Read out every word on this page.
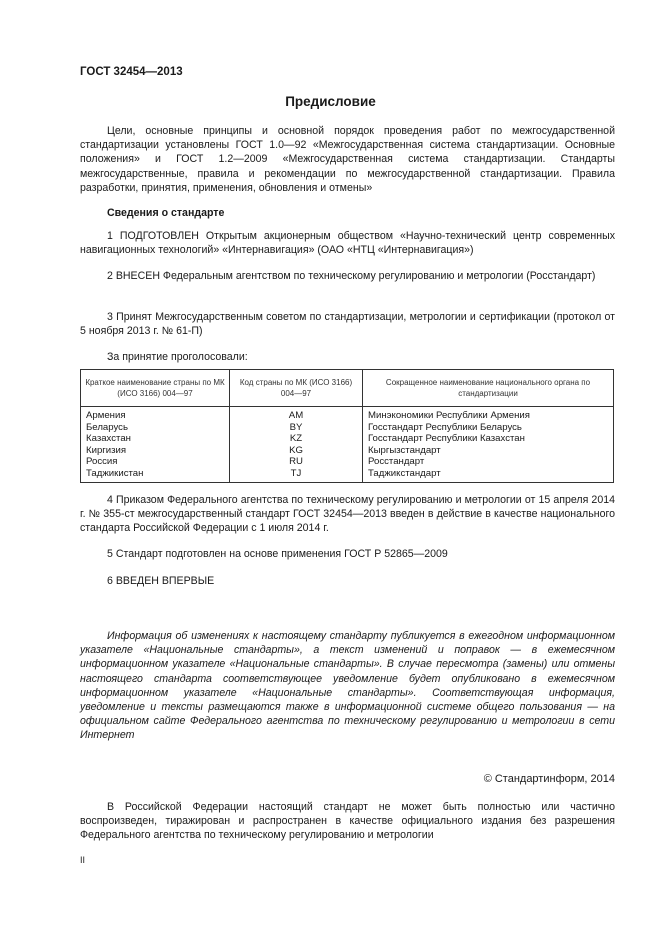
ГОСТ 32454—2013
Предисловие

Цели, основные принципы и основной порядок проведения работ по межгосударственной стандартизации установлены ГОСТ 1.0—92 «Межгосударственная система стандартизации. Основные положения» и ГОСТ 1.2—2009 «Межгосударственная система стандартизации. Стандарты межгосударственные, правила и рекомендации по межгосударственной стандартизации. Правила разработки, принятия, применения, обновления и отмены»

Сведения о стандарте

1 ПОДГОТОВЛЕН Открытым акционерным обществом «Научно-технический центр современных навигационных технологий» «Интернавигация» (ОАО «НТЦ «Интернавигация»)

2 ВНЕСЕН Федеральным агентством по техническому регулированию и метрологии (Росстандарт)

3 Принят Межгосударственным советом по стандартизации, метрологии и сертификации (протокол от 5 ноября 2013 г. № 61-П)

За принятие проголосовали:

Краткое наименование страны по МК (ИСО 3166) 004—97	Код страны по МК (ИСО 3166) 004—97	Сокращенное наименование национального органа по стандартизации
Армения	AM	Минэкономики Республики Армения
Беларусь	BY	Госстандарт Республики Беларусь
Казахстан	KZ	Госстандарт Республики Казахстан
Киргизия	KG	Кыргызстандарт
Россия	RU	Росстандарт
Таджикистан	TJ	Таджикстандарт

4 Приказом Федерального агентства по техническому регулированию и метрологии от 15 апреля 2014 г. № 355-ст межгосударственный стандарт ГОСТ 32454—2013 введен в действие в качестве национального стандарта Российской Федерации с 1 июля 2014 г.

5 Стандарт подготовлен на основе применения ГОСТ Р 52865—2009

6 ВВЕДЕН ВПЕРВЫЕ

Информация об изменениях к настоящему стандарту публикуется в ежегодном информационном указателе «Национальные стандарты», а текст изменений и поправок — в ежемесячном информационном указателе «Национальные стандарты». В случае пересмотра (замены) или отмены настоящего стандарта соответствующее уведомление будет опубликовано в ежемесячном информационном указателе «Национальные стандарты». Соответствующая информация, уведомление и тексты размещаются также в информационной системе общего пользования — на официальном сайте Федерального агентства по техническому регулированию и метрологии в сети Интернет

© Стандартинформ, 2014

В Российской Федерации настоящий стандарт не может быть полностью или частично воспроизведен, тиражирован и распространен в качестве официального издания без разрешения Федерального агентства по техническому регулированию и метрологии

II
